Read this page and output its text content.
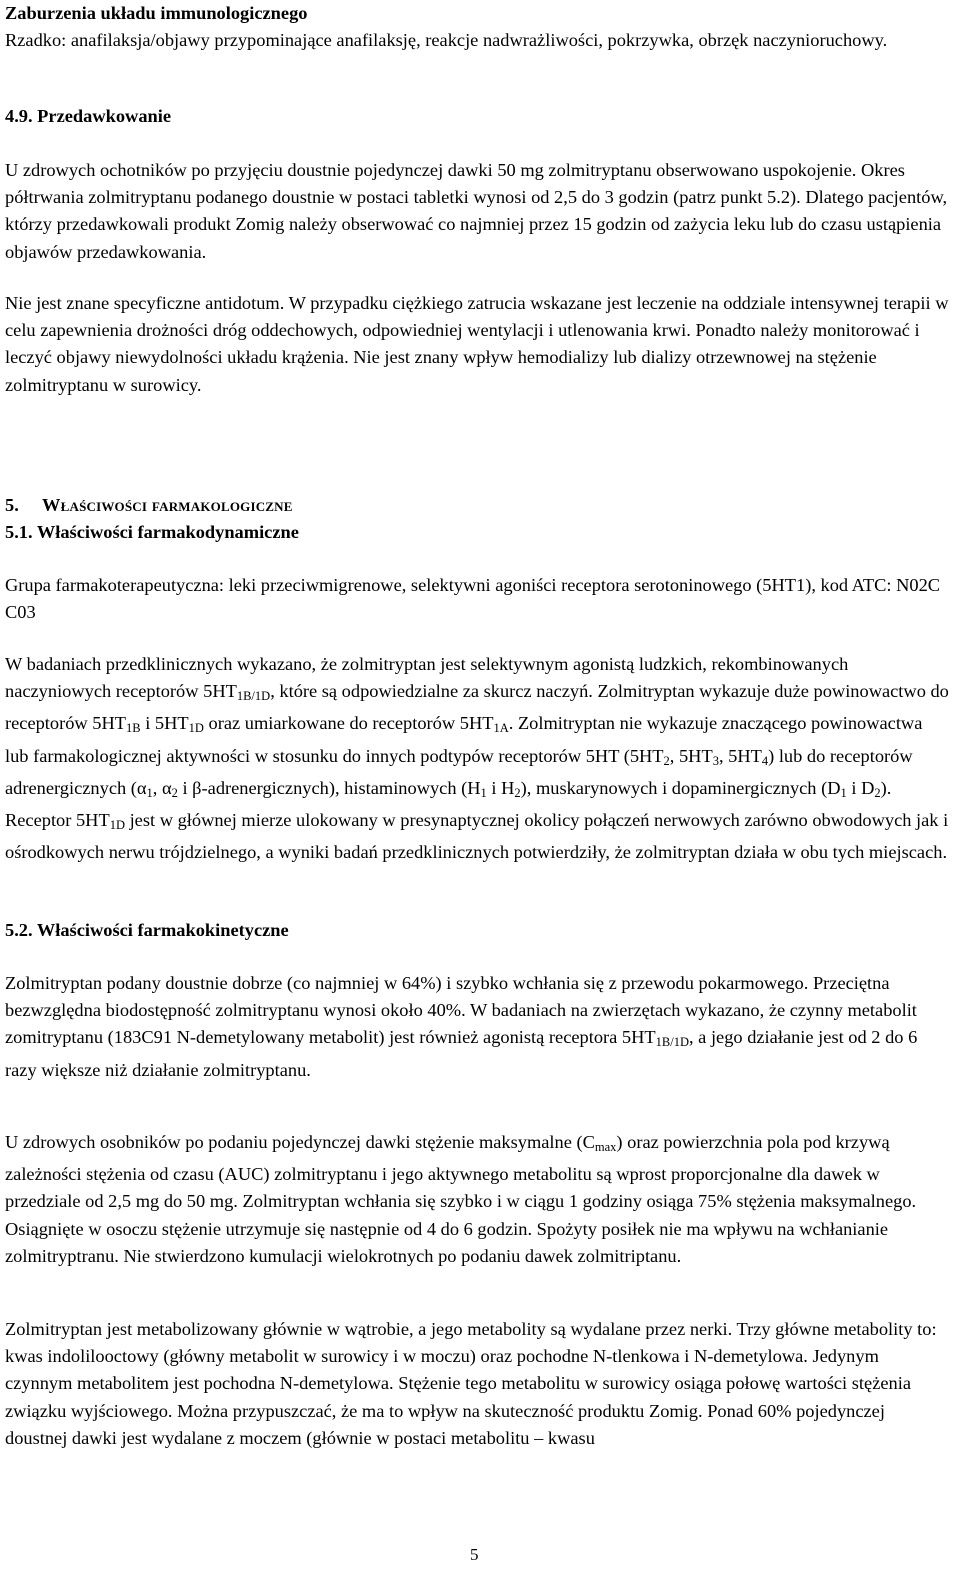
Zaburzenia układu immunologicznego
Rzadko: anafilaksja/objawy przypominające anafilaksję, reakcje nadwrażliwości, pokrzywka, obrzęk naczynioruchowy.
4.9. Przedawkowanie
U zdrowych ochotników po przyjęciu doustnie pojedynczej dawki 50 mg zolmitryptanu obserwowano uspokojenie. Okres półtrwania zolmitryptanu podanego doustnie w postaci tabletki wynosi od 2,5 do 3 godzin (patrz punkt 5.2). Dlatego pacjentów, którzy przedawkowali produkt Zomig należy obserwować co najmniej przez 15 godzin od zażycia leku lub do czasu ustąpienia objawów przedawkowania.
Nie jest znane specyficzne antidotum. W przypadku ciężkiego zatrucia wskazane jest leczenie na oddziale intensywnej terapii w celu zapewnienia drożności dróg oddechowych, odpowiedniej wentylacji i utlenowania krwi. Ponadto należy monitorować i leczyć objawy niewydolności układu krążenia. Nie jest znany wpływ hemodializy lub dializy otrzewnowej na stężenie zolmitryptanu w surowicy.
5. Właściwości farmakologiczne
5.1. Właściwości farmakodynamiczne
Grupa farmakoterapeutyczna: leki przeciwmigrenowe, selektywni agoniści receptora serotoninowego (5HT1), kod ATC: N02C C03
W badaniach przedklinicznych wykazano, że zolmitryptan jest selektywnym agonistą ludzkich, rekombinowanych naczyniowych receptorów $5HT_{1B/1D}$, które są odpowiedzialne za skurcz naczyń. Zolmitryptan wykazuje duże powinowactwo do receptorów $5HT_{1B}$ i $5HT_{1D}$ oraz umiarkowane do receptorów $5HT_{1A}$. Zolmitryptan nie wykazuje znaczącego powinowactwa lub farmakologicznej aktywności w stosunku do innych podtypów receptorów 5HT ($5HT_2$, $5HT_3$, $5HT_4$) lub do receptorów adrenergicznych ($\alpha_1$, $\alpha_2$ i β-adrenergicznych), histaminowych ($H_1$ i $H_2$), muskarynowych i dopaminergicznych ($D_1$ i $D_2$). Receptor $5HT_{1D}$ jest w głównej mierze ulokowany w presynaptycznej okolicy połączeń nerwowych zarówno obwodowych jak i ośrodkowych nerwu trójdzielnego, a wyniki badań przedklinicznych potwierdziły, że zolmitryptan działa w obu tych miejscach.
5.2. Właściwości farmakokinetyczne
Zolmitryptan podany doustnie dobrze (co najmniej w 64%) i szybko wchłania się z przewodu pokarmowego. Przeciętna bezwzględna biodostępność zolmitryptanu wynosi około 40%. W badaniach na zwierzętach wykazano, że czynny metabolit zomitryptanu (183C91 N-demetylowany metabolit) jest również agonistą receptora $5HT_{1B/1D}$, a jego działanie jest od 2 do 6 razy większe niż działanie zolmitryptanu.
U zdrowych osobników po podaniu pojedynczej dawki stężenie maksymalne $(C_{max})$ oraz powierzchnia pola pod krzywą zależności stężenia od czasu (AUC) zolmitryptanu i jego aktywnego metabolitu są wprost proporcjonalne dla dawek w przedziale od 2,5 mg do 50 mg. Zolmitryptan wchłania się szybko i w ciągu 1 godziny osiąga 75% stężenia maksymalnego. Osiągnięte w osoczu stężenie utrzymuje się następnie od 4 do 6 godzin. Spożyty posiłek nie ma wpływu na wchłanianie zolmitryptranu. Nie stwierdzono kumulacji wielokrotnych po podaniu dawek zolmitriptanu.
Zolmitryptan jest metabolizowany głównie w wątrobie, a jego metabolity są wydalane przez nerki. Trzy główne metabolity to: kwas indolilooctowy (główny metabolit w surowicy i w moczu) oraz pochodne N-tlenkowa i N-demetylowa. Jedynym czynnym metabolitem jest pochodna N-demetylowa. Stężenie tego metabolitu w surowicy osiąga połowę wartości stężenia związku wyjściowego. Można przypuszczać, że ma to wpływ na skuteczność produktu Zomig. Ponad 60% pojedynczej doustnej dawki jest wydalane z moczem (głównie w postaci metabolitu – kwasu
5
